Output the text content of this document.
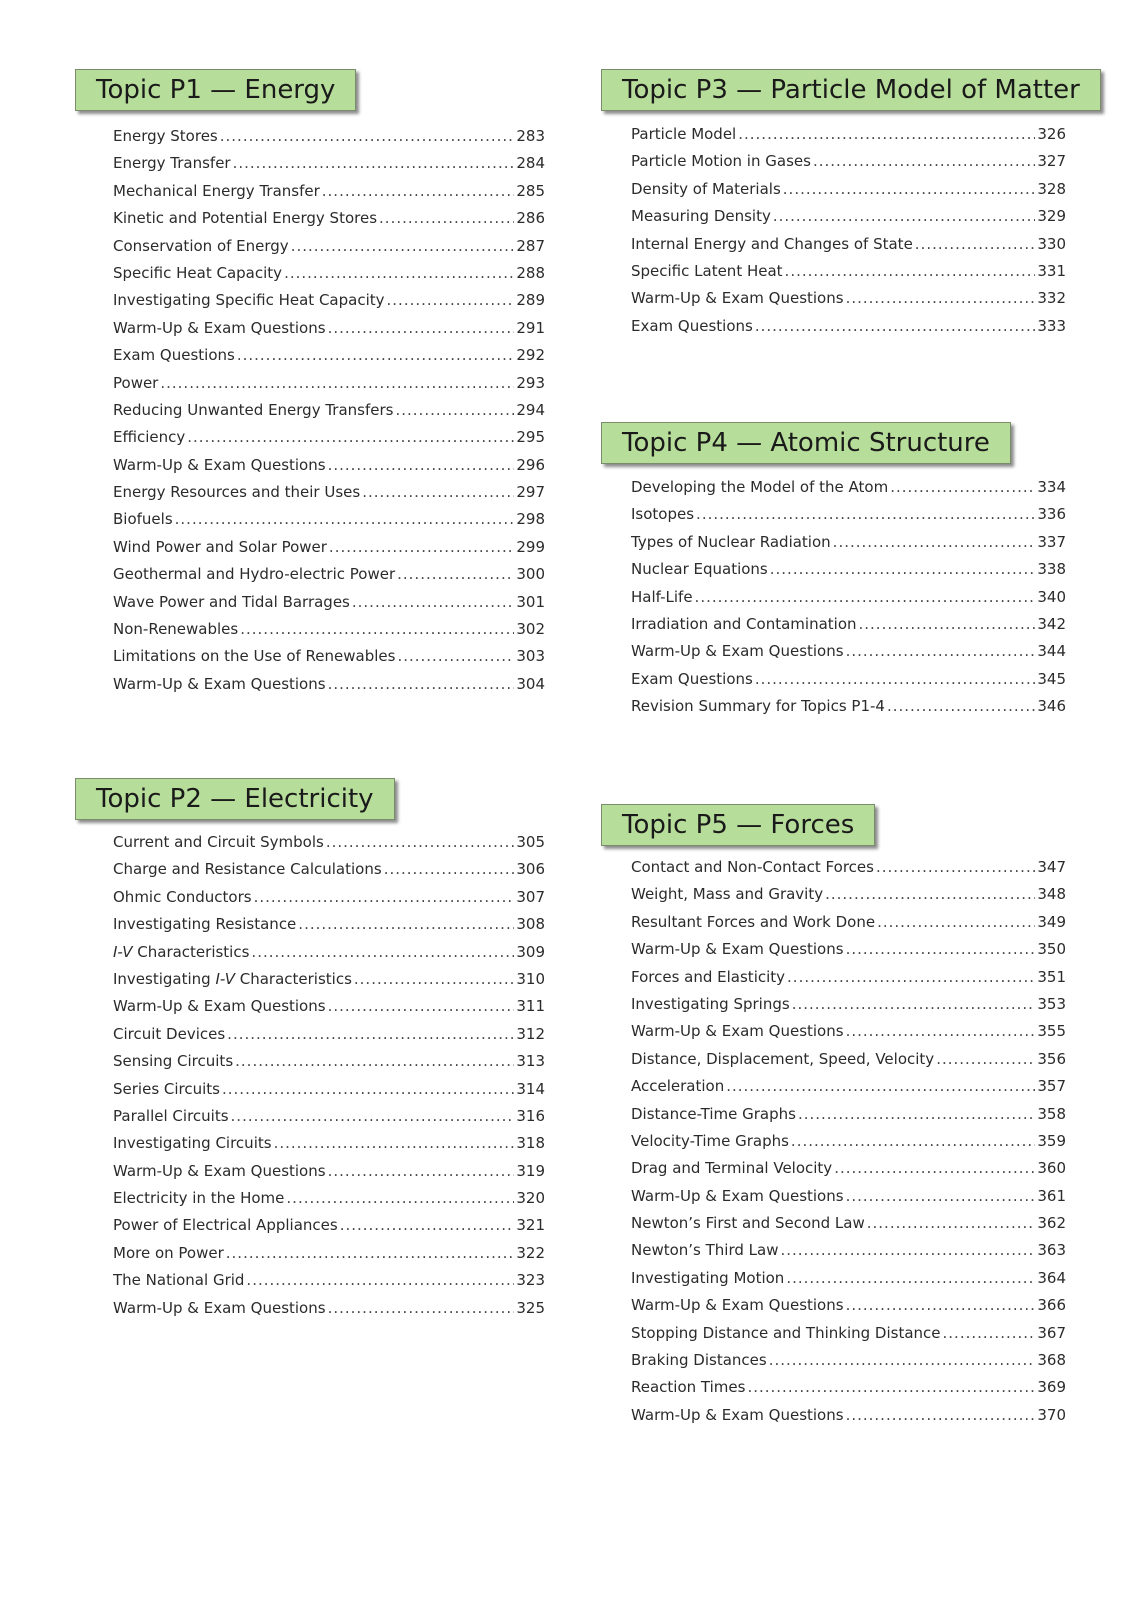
Topic P1 — Energy
Energy Stores .....	283
Energy Transfer .....	284
Mechanical Energy Transfer .....	285
Kinetic and Potential Energy Stores .....	286
Conservation of Energy .....	287
Specific Heat Capacity .....	288
Investigating Specific Heat Capacity .....	289
Warm-Up & Exam Questions .....	291
Exam Questions .....	292
Power .....	293
Reducing Unwanted Energy Transfers .....	294
Efficiency .....	295
Warm-Up & Exam Questions .....	296
Energy Resources and their Uses .....	297
Biofuels .....	298
Wind Power and Solar Power .....	299
Geothermal and Hydro-electric Power .....	300
Wave Power and Tidal Barrages .....	301
Non-Renewables .....	302
Limitations on the Use of Renewables .....	303
Warm-Up & Exam Questions .....	304
Topic P2 — Electricity
Current and Circuit Symbols .....	305
Charge and Resistance Calculations .....	306
Ohmic Conductors .....	307
Investigating Resistance .....	308
I-V Characteristics .....	309
Investigating I-V Characteristics .....	310
Warm-Up & Exam Questions .....	311
Circuit Devices .....	312
Sensing Circuits .....	313
Series Circuits .....	314
Parallel Circuits .....	316
Investigating Circuits .....	318
Warm-Up & Exam Questions .....	319
Electricity in the Home .....	320
Power of Electrical Appliances .....	321
More on Power .....	322
The National Grid .....	323
Warm-Up & Exam Questions .....	325
Topic P3 — Particle Model of Matter
Particle Model .....	326
Particle Motion in Gases .....	327
Density of Materials .....	328
Measuring Density .....	329
Internal Energy and Changes of State .....	330
Specific Latent Heat .....	331
Warm-Up & Exam Questions .....	332
Exam Questions .....	333
Topic P4 — Atomic Structure
Developing the Model of the Atom .....	334
Isotopes .....	336
Types of Nuclear Radiation .....	337
Nuclear Equations .....	338
Half-Life .....	340
Irradiation and Contamination .....	342
Warm-Up & Exam Questions .....	344
Exam Questions .....	345
Revision Summary for Topics P1-4 .....	346
Topic P5 — Forces
Contact and Non-Contact Forces .....	347
Weight, Mass and Gravity .....	348
Resultant Forces and Work Done .....	349
Warm-Up & Exam Questions .....	350
Forces and Elasticity .....	351
Investigating Springs .....	353
Warm-Up & Exam Questions .....	355
Distance, Displacement, Speed, Velocity .....	356
Acceleration .....	357
Distance-Time Graphs .....	358
Velocity-Time Graphs .....	359
Drag and Terminal Velocity .....	360
Warm-Up & Exam Questions .....	361
Newton’s First and Second Law .....	362
Newton’s Third Law .....	363
Investigating Motion .....	364
Warm-Up & Exam Questions .....	366
Stopping Distance and Thinking Distance .....	367
Braking Distances .....	368
Reaction Times .....	369
Warm-Up & Exam Questions .....	370
